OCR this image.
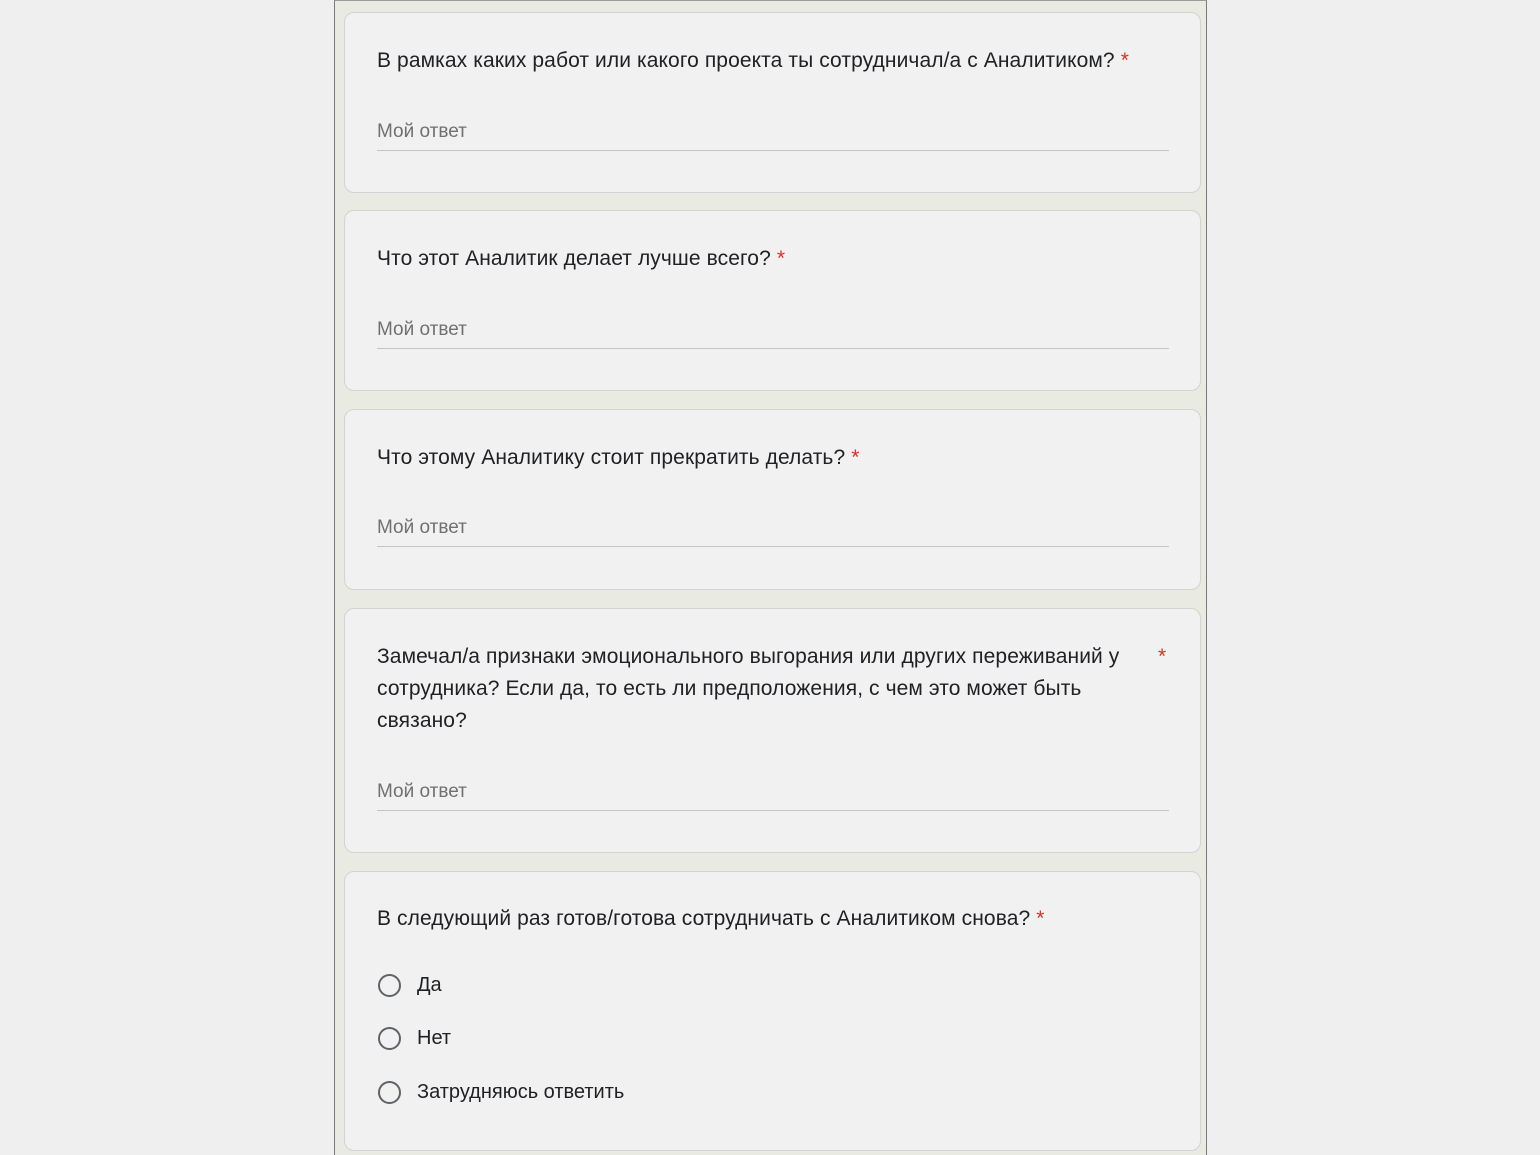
В рамках каких работ или какого проекта ты сотрудничал/а с Аналитиком? *
Мой ответ
Что этот Аналитик делает лучше всего? *
Мой ответ
Что этому Аналитику стоит прекратить делать? *
Мой ответ
Замечал/а признаки эмоционального выгорания или других переживаний у сотрудника? Если да, то есть ли предположения, с чем это может быть связано?
*
Мой ответ
В следующий раз готов/готова сотрудничать с Аналитиком снова? *
Да
Нет
Затрудняюсь ответить
